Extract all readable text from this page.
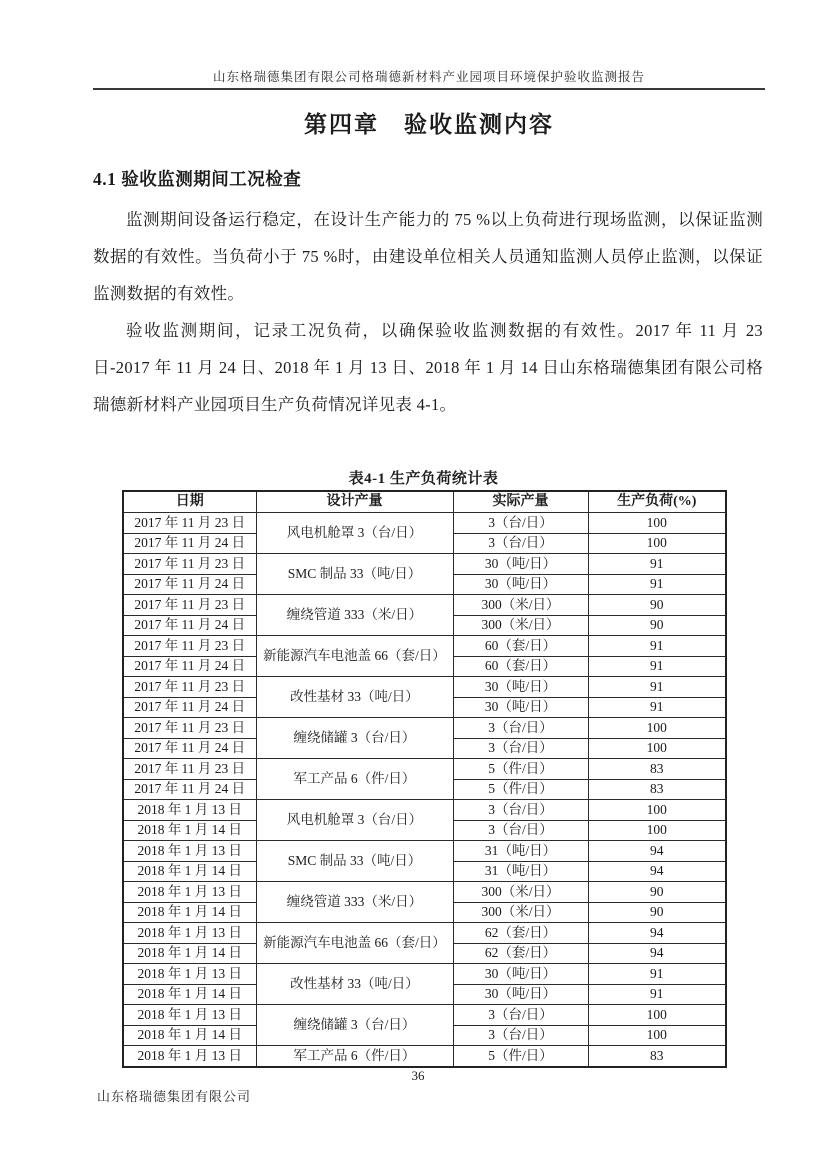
山东格瑞德集团有限公司格瑞德新材料产业园项目环境保护验收监测报告
第四章　验收监测内容
4.1 验收监测期间工况检查

监测期间设备运行稳定，在设计生产能力的 75 %以上负荷进行现场监测，以保证监测数据的有效性。当负荷小于 75 %时，由建设单位相关人员通知监测人员停止监测，以保证监测数据的有效性。

验收监测期间，记录工况负荷，以确保验收监测数据的有效性。2017 年 11 月 23 日-2017 年 11 月 24 日、2018 年 1 月 13 日、2018 年 1 月 14 日山东格瑞德集团有限公司格瑞德新材料产业园项目生产负荷情况详见表 4-1。

表4-1 生产负荷统计表
日期	设计产量	实际产量	生产负荷(%)
2017 年 11 月 23 日	风电机舱罩 3（台/日）	3（台/日）	100
2017 年 11 月 24 日		3（台/日）	100
2017 年 11 月 23 日	SMC 制品 33（吨/日）	30（吨/日）	91
2017 年 11 月 24 日		30（吨/日）	91
2017 年 11 月 23 日	缠绕管道 333（米/日）	300（米/日）	90
2017 年 11 月 24 日		300（米/日）	90
2017 年 11 月 23 日	新能源汽车电池盖 66（套/日）	60（套/日）	91
2017 年 11 月 24 日		60（套/日）	91
2017 年 11 月 23 日	改性基材 33（吨/日）	30（吨/日）	91
2017 年 11 月 24 日		30（吨/日）	91
2017 年 11 月 23 日	缠绕储罐 3（台/日）	3（台/日）	100
2017 年 11 月 24 日		3（台/日）	100
2017 年 11 月 23 日	军工产品 6（件/日）	5（件/日）	83
2017 年 11 月 24 日		5（件/日）	83
2018 年 1 月 13 日	风电机舱罩 3（台/日）	3（台/日）	100
2018 年 1 月 14 日		3（台/日）	100
2018 年 1 月 13 日	SMC 制品 33（吨/日）	31（吨/日）	94
2018 年 1 月 14 日		31（吨/日）	94
2018 年 1 月 13 日	缠绕管道 333（米/日）	300（米/日）	90
2018 年 1 月 14 日		300（米/日）	90
2018 年 1 月 13 日	新能源汽车电池盖 66（套/日）	62（套/日）	94
2018 年 1 月 14 日		62（套/日）	94
2018 年 1 月 13 日	改性基材 33（吨/日）	30（吨/日）	91
2018 年 1 月 14 日		30（吨/日）	91
2018 年 1 月 13 日	缠绕储罐 3（台/日）	3（台/日）	100
2018 年 1 月 14 日		3（台/日）	100
2018 年 1 月 13 日	军工产品 6（件/日）	5（件/日）	83
36
山东格瑞德集团有限公司
